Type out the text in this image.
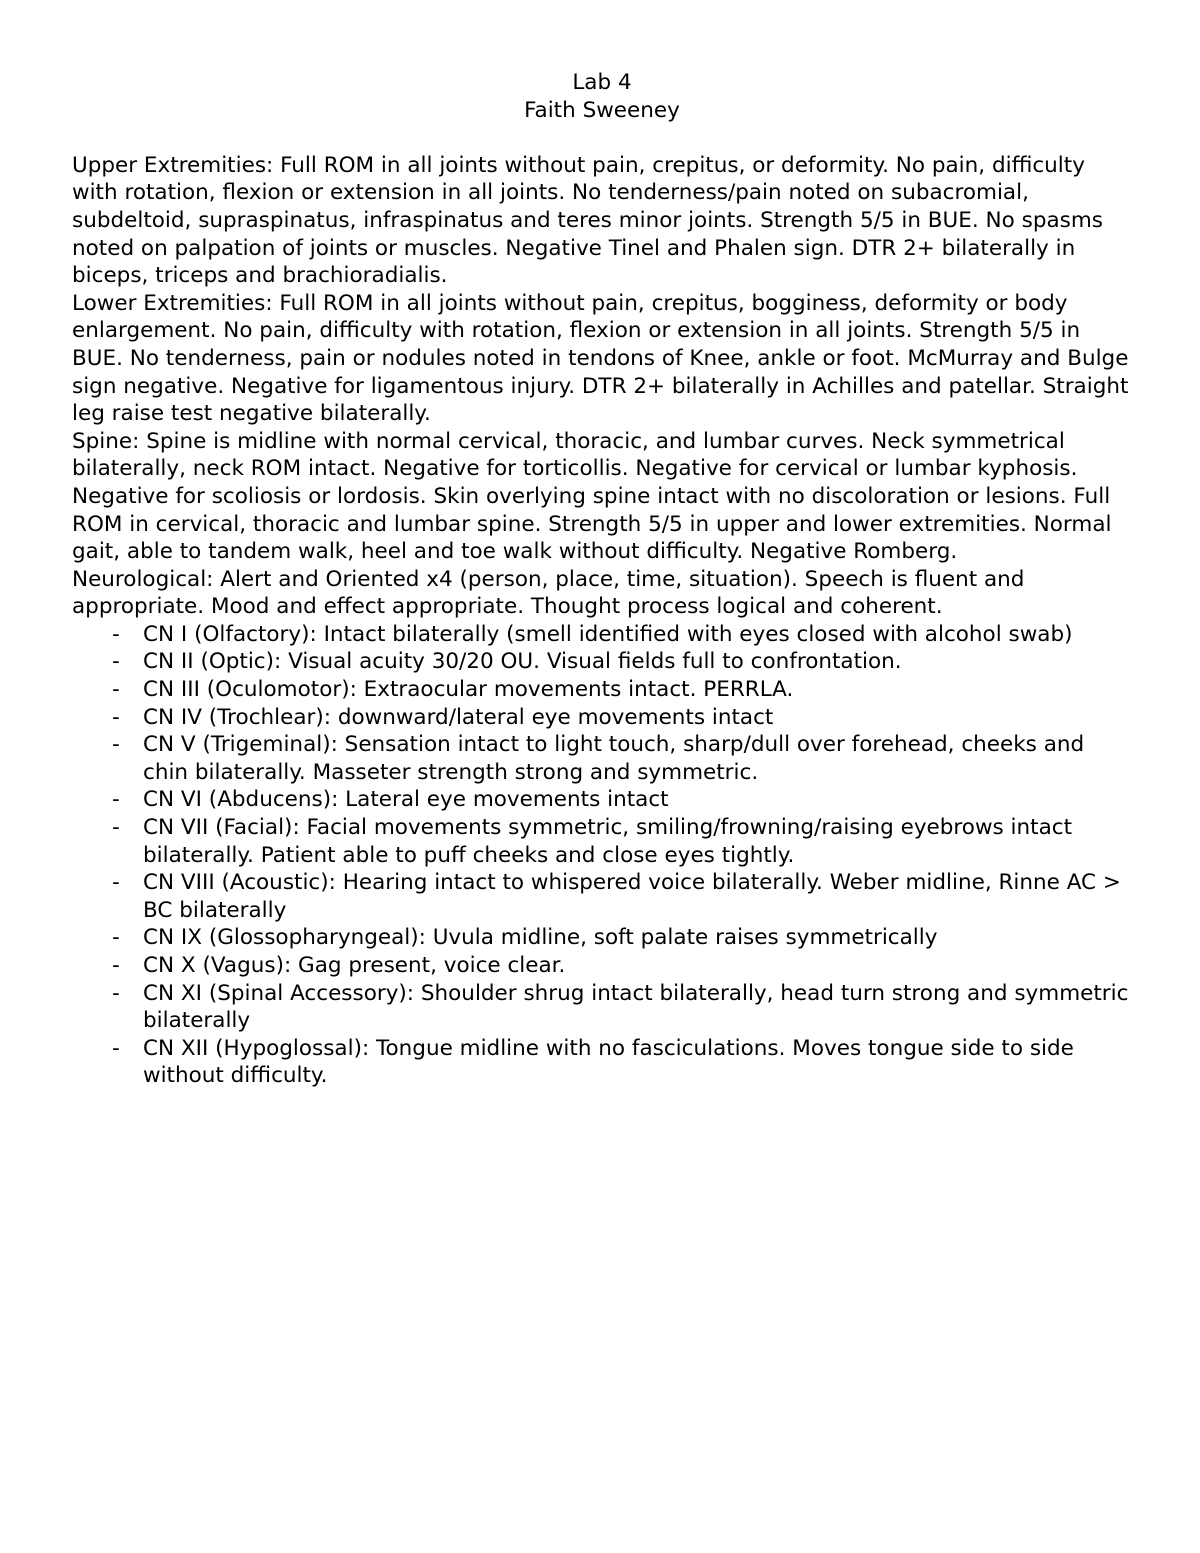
Lab 4
Faith Sweeney

Upper Extremities: Full ROM in all joints without pain, crepitus, or deformity. No pain, difficulty with rotation, flexion or extension in all joints. No tenderness/pain noted on subacromial, subdeltoid, supraspinatus, infraspinatus and teres minor joints. Strength 5/5 in BUE. No spasms noted on palpation of joints or muscles. Negative Tinel and Phalen sign. DTR 2+ bilaterally in biceps, triceps and brachioradialis.

Lower Extremities: Full ROM in all joints without pain, crepitus, bogginess, deformity or body enlargement. No pain, difficulty with rotation, flexion or extension in all joints. Strength 5/5 in BUE. No tenderness, pain or nodules noted in tendons of Knee, ankle or foot. McMurray and Bulge sign negative. Negative for ligamentous injury. DTR 2+ bilaterally in Achilles and patellar. Straight leg raise test negative bilaterally.

Spine: Spine is midline with normal cervical, thoracic, and lumbar curves. Neck symmetrical bilaterally, neck ROM intact. Negative for torticollis. Negative for cervical or lumbar kyphosis. Negative for scoliosis or lordosis. Skin overlying spine intact with no discoloration or lesions. Full ROM in cervical, thoracic and lumbar spine. Strength 5/5 in upper and lower extremities. Normal gait, able to tandem walk, heel and toe walk without difficulty. Negative Romberg.

Neurological: Alert and Oriented x4 (person, place, time, situation). Speech is fluent and appropriate. Mood and effect appropriate. Thought process logical and coherent.

- CN I (Olfactory): Intact bilaterally (smell identified with eyes closed with alcohol swab)
- CN II (Optic): Visual acuity 30/20 OU. Visual fields full to confrontation.
- CN III (Oculomotor): Extraocular movements intact. PERRLA.
- CN IV (Trochlear): downward/lateral eye movements intact
- CN V (Trigeminal): Sensation intact to light touch, sharp/dull over forehead, cheeks and chin bilaterally. Masseter strength strong and symmetric.
- CN VI (Abducens): Lateral eye movements intact
- CN VII (Facial): Facial movements symmetric, smiling/frowning/raising eyebrows intact bilaterally. Patient able to puff cheeks and close eyes tightly.
- CN VIII (Acoustic): Hearing intact to whispered voice bilaterally. Weber midline, Rinne AC > BC bilaterally
- CN IX (Glossopharyngeal): Uvula midline, soft palate raises symmetrically
- CN X (Vagus): Gag present, voice clear.
- CN XI (Spinal Accessory): Shoulder shrug intact bilaterally, head turn strong and symmetric bilaterally
- CN XII (Hypoglossal): Tongue midline with no fasciculations. Moves tongue side to side without difficulty.
